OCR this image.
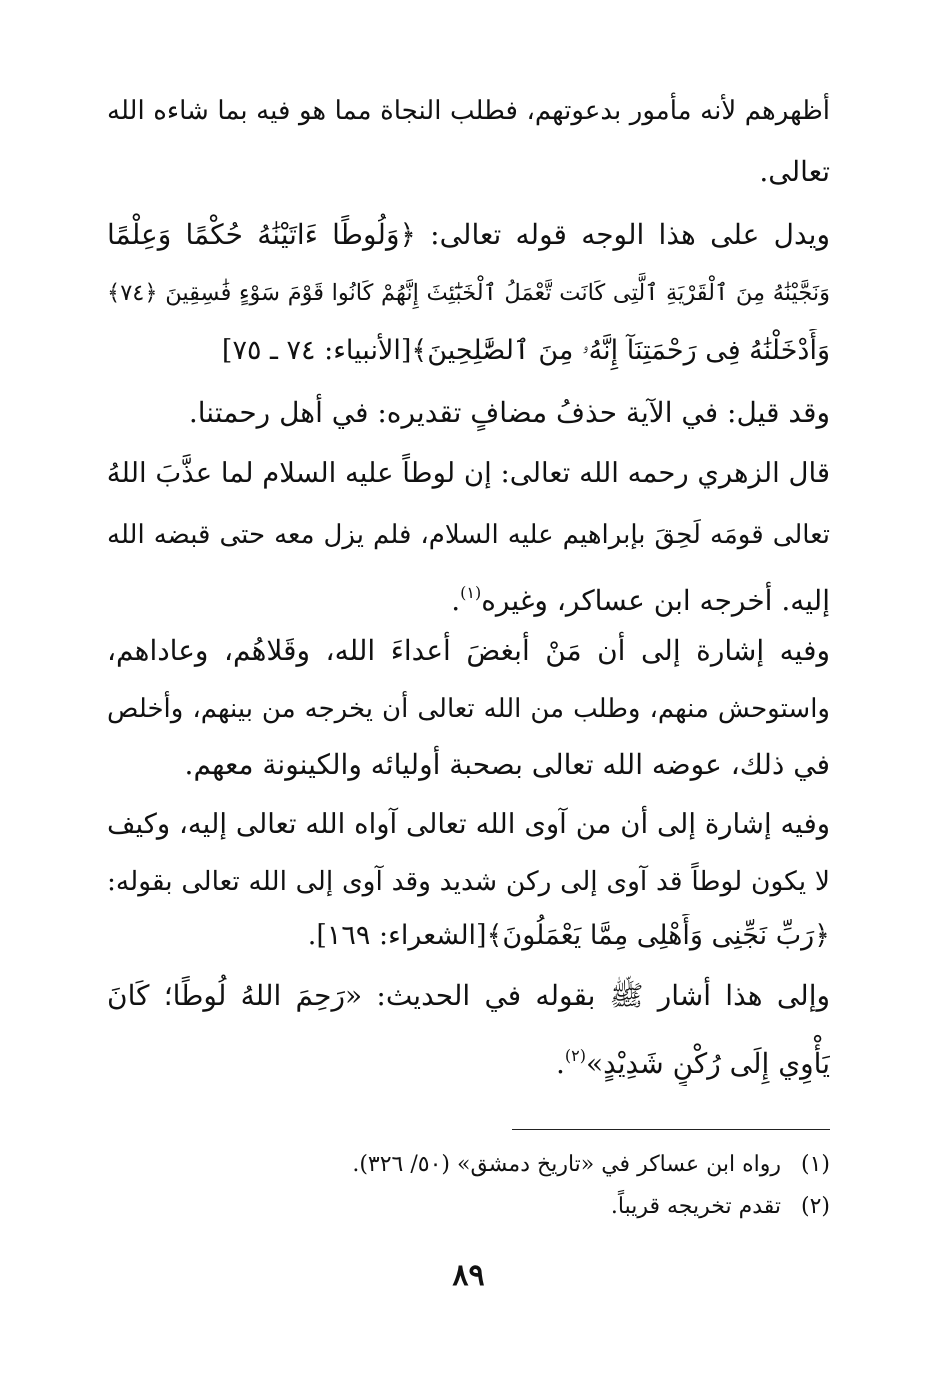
أظهرهم لأنه مأمور بدعوتهم، فطلب النجاة مما هو فيه بما شاءه الله
تعالى.
ويدل على هذا الوجه قوله تعالى: ﴿وَلُوطًا ءَاتَيْنَٰهُ حُكْمًا وَعِلْمًا
وَنَجَّيْنَٰهُ مِنَ ٱلْقَرْيَةِ ٱلَّتِى كَانَت تَّعْمَلُ ٱلْخَبَٰٓئِثَ إِنَّهُمْ كَانُوا قَوْمَ سَوْءٍ فَٰسِقِينَ ﴿٧٤﴾
وَأَدْخَلْنَٰهُ فِى رَحْمَتِنَآ إِنَّهُۥ مِنَ ٱلصَّٰلِحِينَ﴾[الأنبياء: ٧٤ ـ ٧٥]
وقد قيل: في الآية حذفُ مضافٍ تقديره: في أهل رحمتنا.
قال الزهري رحمه الله تعالى: إن لوطاً عليه السلام لما عذَّبَ اللهُ
تعالى قومَه لَحِقَ بإبراهيم عليه السلام، فلم يزل معه حتى قبضه الله
إليه. أخرجه ابن عساكر، وغيره$^{(١)}$.
وفيه إشارة إلى أن مَنْ أبغضَ أعداءَ الله، وقَلاهُم، وعاداهم،
واستوحش منهم، وطلب من الله تعالى أن يخرجه من بينهم، وأخلص
في ذلك، عوضه الله تعالى بصحبة أوليائه والكينونة معهم.
وفيه إشارة إلى أن من آوى الله تعالى آواه الله تعالى إليه، وكيف
لا يكون لوطاً قد آوى إلى ركن شديد وقد آوى إلى الله تعالى بقوله:
﴿رَبِّ نَجِّنِى وَأَهْلِى مِمَّا يَعْمَلُونَ﴾[الشعراء: ١٦٩].
وإلى هذا أشار ﷺ بقوله في الحديث: «رَحِمَ اللهُ لُوطًا؛ كَانَ
يَأْوِي إِلَى رُكْنٍ شَدِيْدٍ»$^{(٢)}$.
(١) رواه ابن عساكر في «تاريخ دمشق» (٥٠/ ٣٢٦).
(٢) تقدم تخريجه قريباً.
٨٩
